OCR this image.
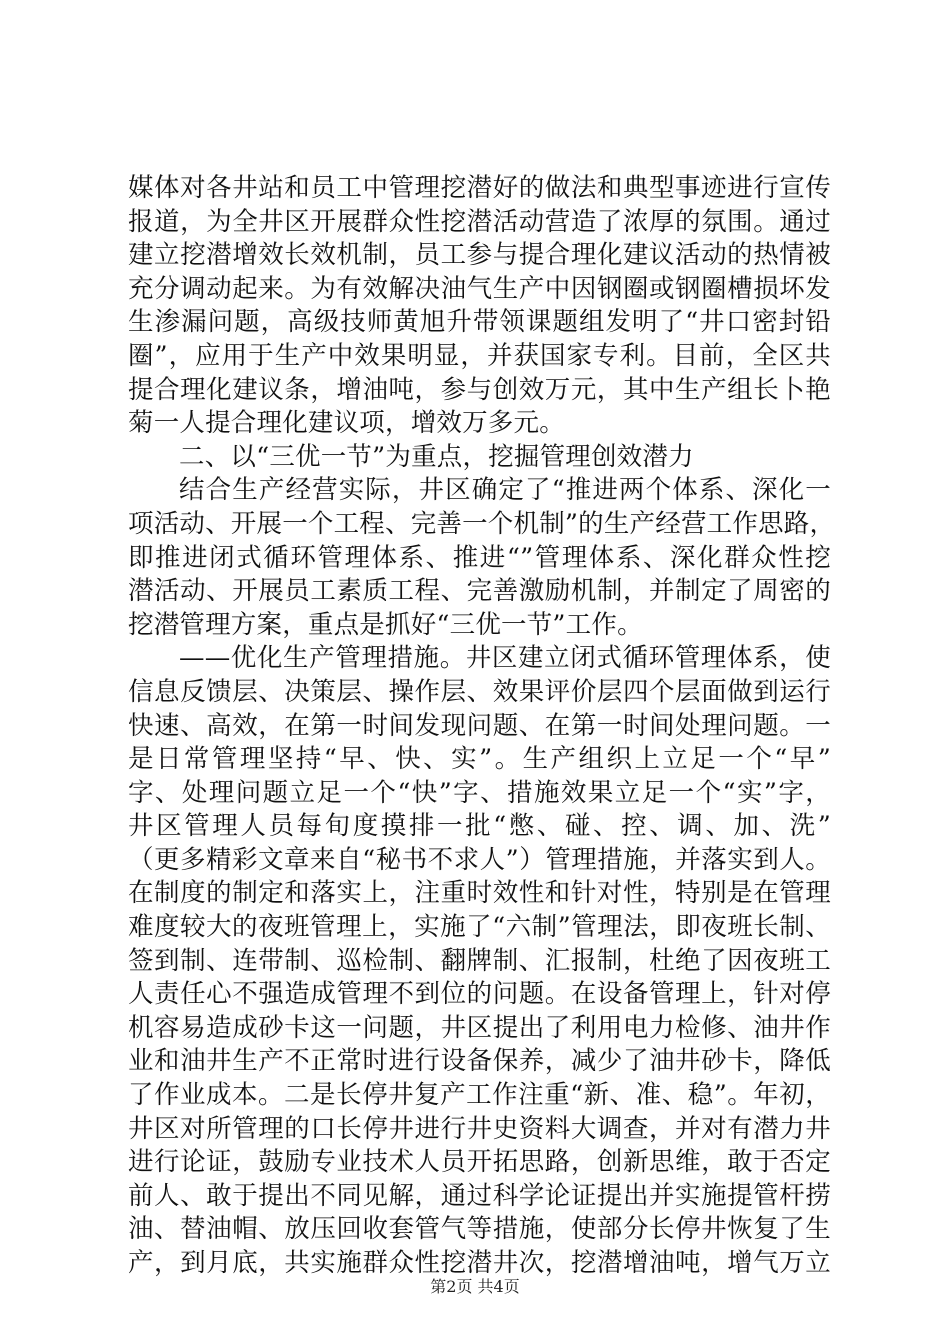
媒体对各井站和员工中管理挖潜好的做法和典型事迹进行宣传
报道，为全井区开展群众性挖潜活动营造了浓厚的氛围。通过
建立挖潜增效长效机制，员工参与提合理化建议活动的热情被
充分调动起来。为有效解决油气生产中因钢圈或钢圈槽损坏发
生渗漏问题，高级技师黄旭升带领课题组发明了“井口密封铅
圈”，应用于生产中效果明显，并获国家专利。目前，全区共
提合理化建议条，增油吨，参与创效万元，其中生产组长卜艳
菊一人提合理化建议项，增效万多元。
二、以“三优一节”为重点，挖掘管理创效潜力
结合生产经营实际，井区确定了“推进两个体系、深化一
项活动、开展一个工程、完善一个机制”的生产经营工作思路，
即推进闭式循环管理体系、推进“”管理体系、深化群众性挖
潜活动、开展员工素质工程、完善激励机制，并制定了周密的
挖潜管理方案，重点是抓好“三优一节”工作。
——优化生产管理措施。井区建立闭式循环管理体系，使
信息反馈层、决策层、操作层、效果评价层四个层面做到运行
快速、高效，在第一时间发现问题、在第一时间处理问题。一
是日常管理坚持“早、快、实”。生产组织上立足一个“早”
字、处理问题立足一个“快”字、措施效果立足一个“实”字，
井区管理人员每旬度摸排一批“憋、碰、控、调、加、洗”
（更多精彩文章来自“秘书不求人”）管理措施，并落实到人。
在制度的制定和落实上，注重时效性和针对性，特别是在管理
难度较大的夜班管理上，实施了“六制”管理法，即夜班长制、
签到制、连带制、巡检制、翻牌制、汇报制，杜绝了因夜班工
人责任心不强造成管理不到位的问题。在设备管理上，针对停
机容易造成砂卡这一问题，井区提出了利用电力检修、油井作
业和油井生产不正常时进行设备保养，减少了油井砂卡，降低
了作业成本。二是长停井复产工作注重“新、准、稳”。年初，
井区对所管理的口长停井进行井史资料大调查，并对有潜力井
进行论证，鼓励专业技术人员开拓思路，创新思维，敢于否定
前人、敢于提出不同见解，通过科学论证提出并实施提管杆捞
油、替油帽、放压回收套管气等措施，使部分长停井恢复了生
产，到月底，共实施群众性挖潜井次，挖潜增油吨，增气万立
第2页 共4页
